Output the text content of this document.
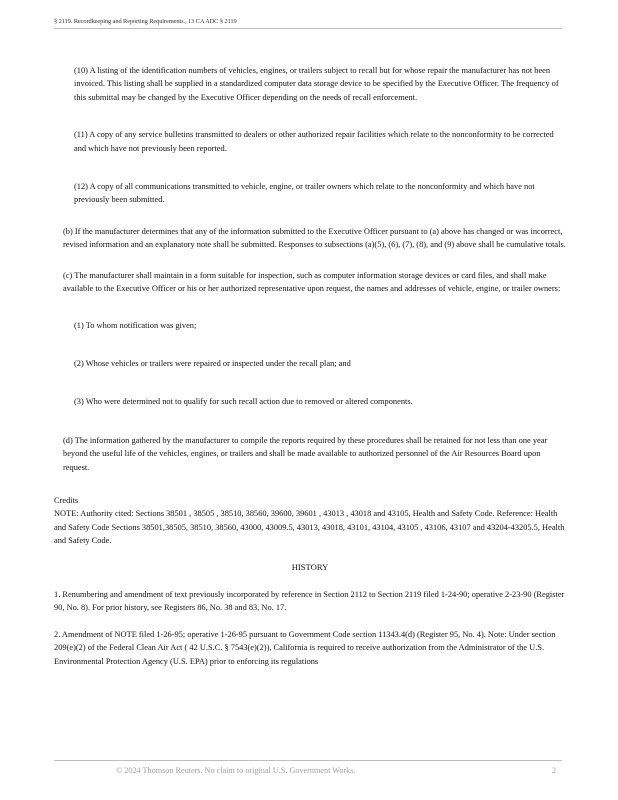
§ 2119. Recordkeeping and Reporting Requirements., 13 CA ADC § 2119

(10) A listing of the identification numbers of vehicles, engines, or trailers subject to recall but for whose repair the manufacturer has not been invoiced. This listing shall be supplied in a standardized computer data storage device to be specified by the Executive Officer. The frequency of this submittal may be changed by the Executive Officer depending on the needs of recall enforcement.

(11) A copy of any service bulletins transmitted to dealers or other authorized repair facilities which relate to the nonconformity to be corrected and which have not previously been reported.

(12) A copy of all communications transmitted to vehicle, engine, or trailer owners which relate to the nonconformity and which have not previously been submitted.

(b) If the manufacturer determines that any of the information submitted to the Executive Officer pursuant to (a) above has changed or was incorrect, revised information and an explanatory note shall be submitted. Responses to subsections (a)(5), (6), (7), (8), and (9) above shall be cumulative totals.

(c) The manufacturer shall maintain in a form suitable for inspection, such as computer information storage devices or card files, and shall make available to the Executive Officer or his or her authorized representative upon request, the names and addresses of vehicle, engine, or trailer owners:

(1) To whom notification was given;

(2) Whose vehicles or trailers were repaired or inspected under the recall plan; and

(3) Who were determined not to qualify for such recall action due to removed or altered components.

(d) The information gathered by the manufacturer to compile the reports required by these procedures shall be retained for not less than one year beyond the useful life of the vehicles, engines, or trailers and shall be made available to authorized personnel of the Air Resources Board upon request.

Credits

NOTE: Authority cited: Sections 38501 , 38505 , 38510, 38560, 39600, 39601 , 43013 , 43018 and 43105, Health and Safety Code. Reference: Health and Safety Code Sections 38501,38505, 38510, 38560, 43000, 43009.5, 43013, 43018, 43101, 43104, 43105 , 43106, 43107 and 43204-43205.5, Health and Safety Code.

HISTORY

1. Renumbering and amendment of text previously incorporated by reference in Section 2112 to Section 2119 filed 1-24-90; operative 2-23-90 (Register 90, No. 8). For prior history, see Registers 86, No. 38 and 83, No. 17.

2. Amendment of NOTE filed 1-26-95; operative 1-26-95 pursuant to Government Code section 11343.4(d) (Register 95, No. 4). Note: Under section 209(e)(2) of the Federal Clean Air Act ( 42 U.S.C. § 7543(e)(2)), California is required to receive authorization from the Administrator of the U.S. Environmental Protection Agency (U.S. EPA) prior to enforcing its regulations

© 2024 Thomson Reuters. No claim to original U.S. Government Works.	2
